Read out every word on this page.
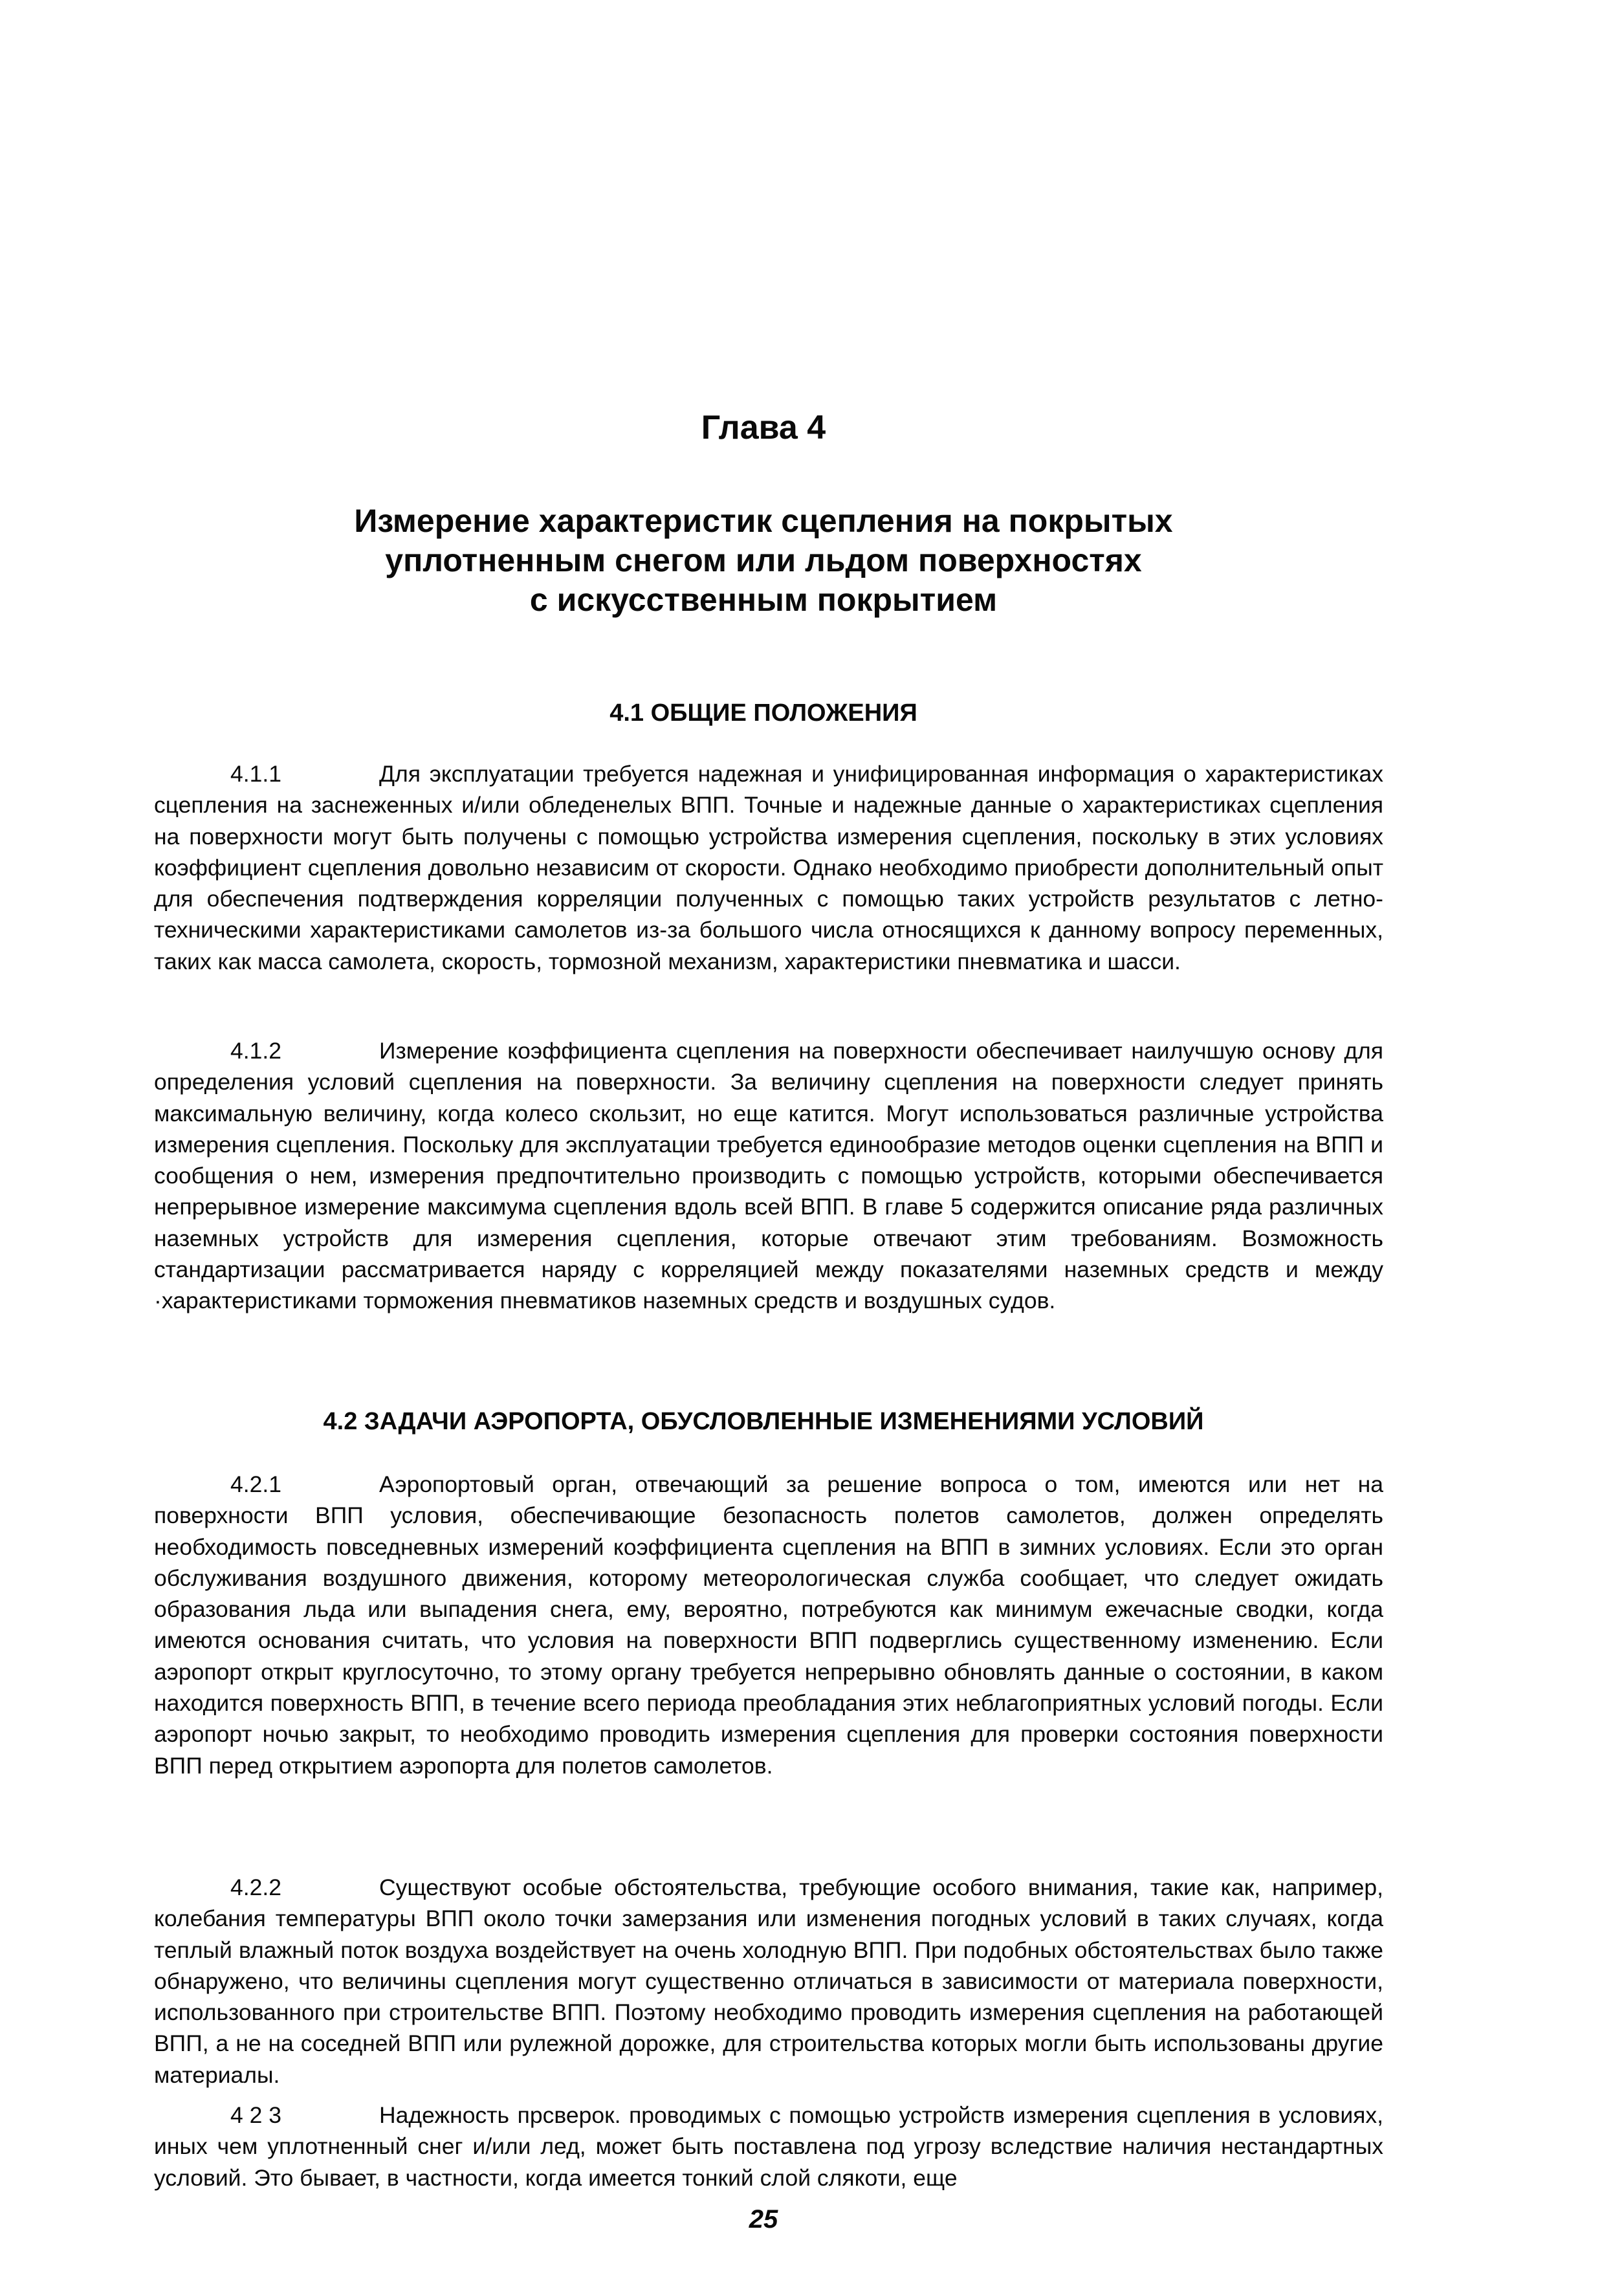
Глава 4
Измерение характеристик сцепления на покрытых
уплотненным снегом или льдом поверхностях
с искусственным покрытием
4.1 ОБЩИЕ ПОЛОЖЕНИЯ

4.1.1	Для эксплуатации требуется надежная и унифицированная информация о характеристиках сцепления на заснеженных и/или обледенелых ВПП. Точные и надежные данные о характеристиках сцепления на поверхности могут быть получены с помощью устройства измерения сцепления, поскольку в этих условиях коэффициент сцепления довольно независим от скорости. Однако необходимо приобрести дополнительный опыт для обеспечения подтверждения корреляции полученных с помощью таких устройств результатов с летно-техническими характеристиками самолетов из-за большого числа относящихся к данному вопросу переменных, таких как масса самолета, скорость, тормозной механизм, характеристики пневматика и шасси.

4.1.2	Измерение коэффициента сцепления на поверхности обеспечивает наилучшую основу для определения условий сцепления на поверхности. За величину сцепления на поверхности следует принять максимальную величину, когда колесо скользит, но еще катится. Могут использоваться различные устройства измерения сцепления. Поскольку для эксплуатации требуется единообразие методов оценки сцепления на ВПП и сообщения о нем, измерения предпочтительно производить с помощью устройств, которыми обеспечивается непрерывное измерение максимума сцепления вдоль всей ВПП. В главе 5 содержится описание ряда различных наземных устройств для измерения сцепления, которые отвечают этим требованиям. Возможность стандартизации рассматривается наряду с корреляцией между показателями наземных средств и между ·характеристиками торможения пневматиков наземных средств и воздушных судов.

4.2 ЗАДАЧИ АЭРОПОРТА, ОБУСЛОВЛЕННЫЕ ИЗМЕНЕНИЯМИ УСЛОВИЙ

4.2.1	Аэропортовый орган, отвечающий за решение вопроса о том, имеются или нет на поверхности ВПП условия, обеспечивающие безопасность полетов самолетов, должен определять необходимость повседневных измерений коэффициента сцепления на ВПП в зимних условиях. Если это орган обслуживания воздушного движения, которому метеорологическая служба сообщает, что следует ожидать образования льда или выпадения снега, ему, вероятно, потребуются как минимум ежечасные сводки, когда имеются основания считать, что условия на поверхности ВПП подверглись существенному изменению. Если аэропорт открыт круглосуточно, то этому органу требуется непрерывно обновлять данные о состоянии, в каком находится поверхность ВПП, в течение всего периода преобладания этих неблагоприятных условий погоды. Если аэропорт ночью закрыт, то необходимо проводить измерения сцепления для проверки состояния поверхности ВПП перед открытием аэропорта для полетов самолетов.

4.2.2	Существуют особые обстоятельства, требующие особого внимания, такие как, например, колебания температуры ВПП около точки замерзания или изменения погодных условий в таких случаях, когда теплый влажный поток воздуха воздействует на очень холодную ВПП. При подобных обстоятельствах было также обнаружено, что величины сцепления могут существенно отличаться в зависимости от материала поверхности, использованного при строительстве ВПП. Поэтому необходимо проводить измерения сцепления на работающей ВПП, а не на соседней ВПП или рулежной дорожке, для строительства которых могли быть использованы другие материалы.

4 2 3	Надежность прсверок. проводимых с помощью устройств измерения сцепления в условиях, иных чем уплотненный снег и/или лед, может быть поставлена под угрозу вследствие наличия нестандартных условий. Это бывает, в частности, когда имеется тонкий слой слякоти, еще

25
